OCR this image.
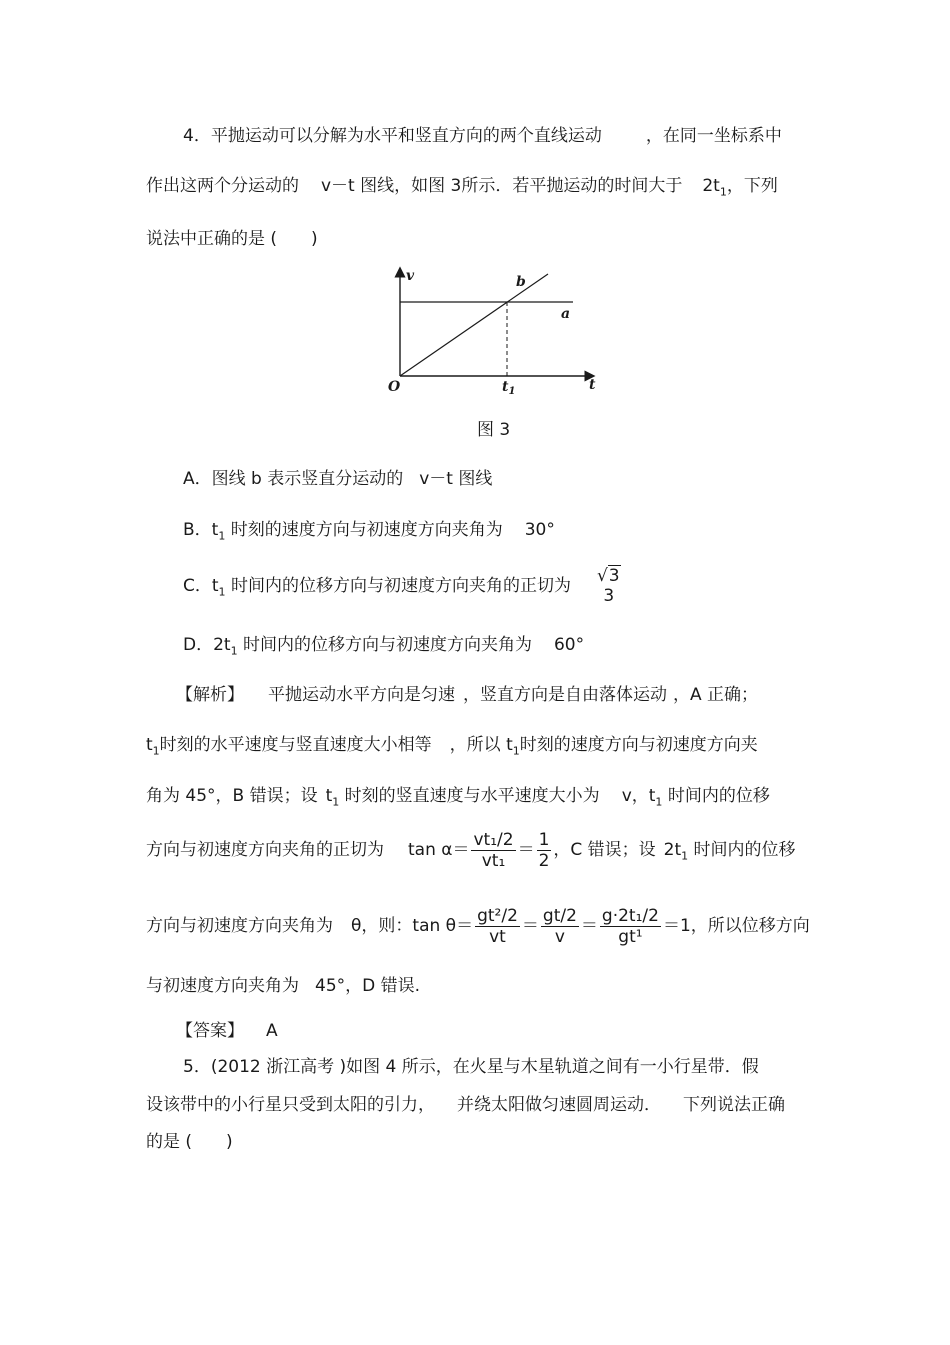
4．平抛运动可以分解为水平和竖直方向的两个直线运动	，在同一坐标系中
作出这两个分运动的 v－t 图线，如图 3所示．若平抛运动的时间大于 $2t_1$，下列
说法中正确的是 (　　)
v	b
a
O	$t_1$	t
图 3
A．图线 b 表示竖直分运动的 v－t 图线
B．$t_1$ 时刻的速度方向与初速度方向夹角为 30°
C．$t_1$ 时间内的位移方向与初速度方向夹角的正切为 √3
3
D．$2t_1$ 时间内的位移方向与初速度方向夹角为 60°
【解析】 平抛运动水平方向是匀速 ，竖直方向是自由落体运动 ，A 正确；
$t_1$时刻的水平速度与竖直速度大小相等 ，所以 $t_1$时刻的速度方向与初速度方向夹
角为 45°，B 错误；设 $t_1$ 时刻的竖直速度与水平速度大小为 v，$t_1$ 时间内的位移
方向与初速度方向夹角的正切为 $\tan \alpha= \frac{\text{vt₁/2}}{\text{vt₁}} = \frac{1}{2}$ ，C 错误；设 $2t_1$ 时间内的位移
方向与初速度方向夹角为 θ，则：$\tan \theta= \frac{\text{gt²/2}}{vt} = \frac{gt/2}{v} = \frac{\text{g·2t₁/2}}{\text{gt¹}} =1$，所以位移方向
与初速度方向夹角为 45°，D 错误.
【答案】 A
5．(2012 浙江高考 )如图 4 所示，在火星与木星轨道之间有一小行星带．假
设该带中的小行星只受到太阳的引力， 并绕太阳做匀速圆周运动． 下列说法正确
的是 (　　)
